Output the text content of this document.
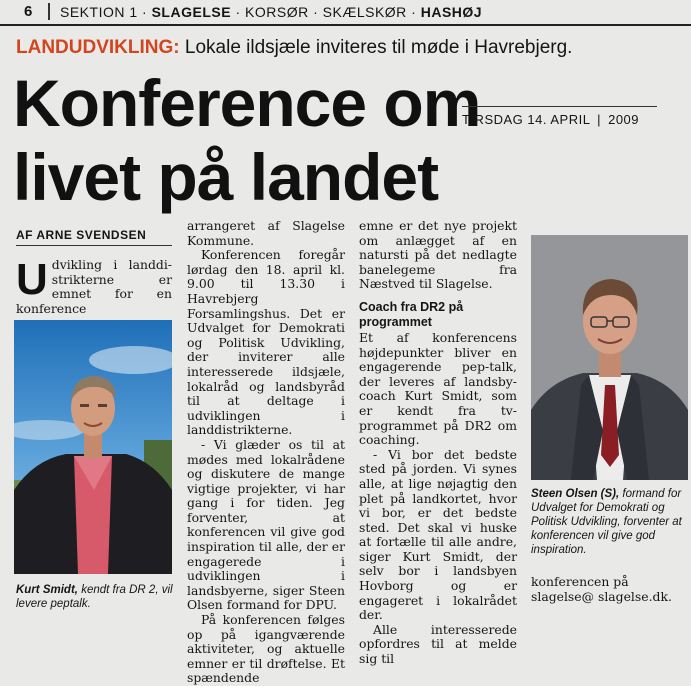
6 SEKTION 1 · SLAGELSE · KORSØR · SKÆLSKØR · HASHØJ
LANDUDVIKLING: Lokale ildsjæle inviteres til møde i Havrebjerg.
Konference om
livet på landet
TIRSDAG 14. APRIL | 2009
AF ARNE SVENDSEN
U dvikling i landdi-strikterne er emnet for en konference
Kurt Smidt, kendt fra DR 2, vil levere peptalk.

arrangeret af Slagelse Kommune.

Konferencen foregår lørdag den 18. april kl. 9.00 til 13.30 i Havrebjerg Forsamlingshus. Det er Udvalget for Demokrati og Politisk Udvikling, der inviterer alle interesserede ildsjæle, lokalråd og landsbyråd til at deltage i udviklingen i landdistrikterne.

- Vi glæder os til at mødes med lokalrådene og diskutere de mange vigtige projekter, vi har gang i for tiden. Jeg forventer, at konferencen vil give god inspiration til alle, der er engagerede i udviklingen i landsbyerne, siger Steen Olsen formand for DPU.

På konferencen følges op på igangværende aktiviteter, og aktuelle emner er til drøftelse. Et spændende

emne er det nye projekt om anlægget af en natursti på det nedlagte banelegeme fra Næstved til Slagelse.

Coach fra DR2 på programmet

Et af konferencens højdepunkter bliver en engagerende pep-talk, der leveres af landsby-coach Kurt Smidt, som er kendt fra tv-programmet på DR2 om coaching.

- Vi bor det bedste sted på jorden. Vi synes alle, at lige nøjagtig den plet på landkortet, hvor vi bor, er det bedste sted. Det skal vi huske at fortælle til alle andre, siger Kurt Smidt, der selv bor i landsbyen Hovborg og er engageret i lokalrådet der.

Alle interesserede opfordres til at melde sig til

Steen Olsen (S), formand for Udvalget for Demokrati og Politisk Udvikling, forventer at konferencen vil give god inspiration.
konferencen på slagelse@ slagelse.dk.
